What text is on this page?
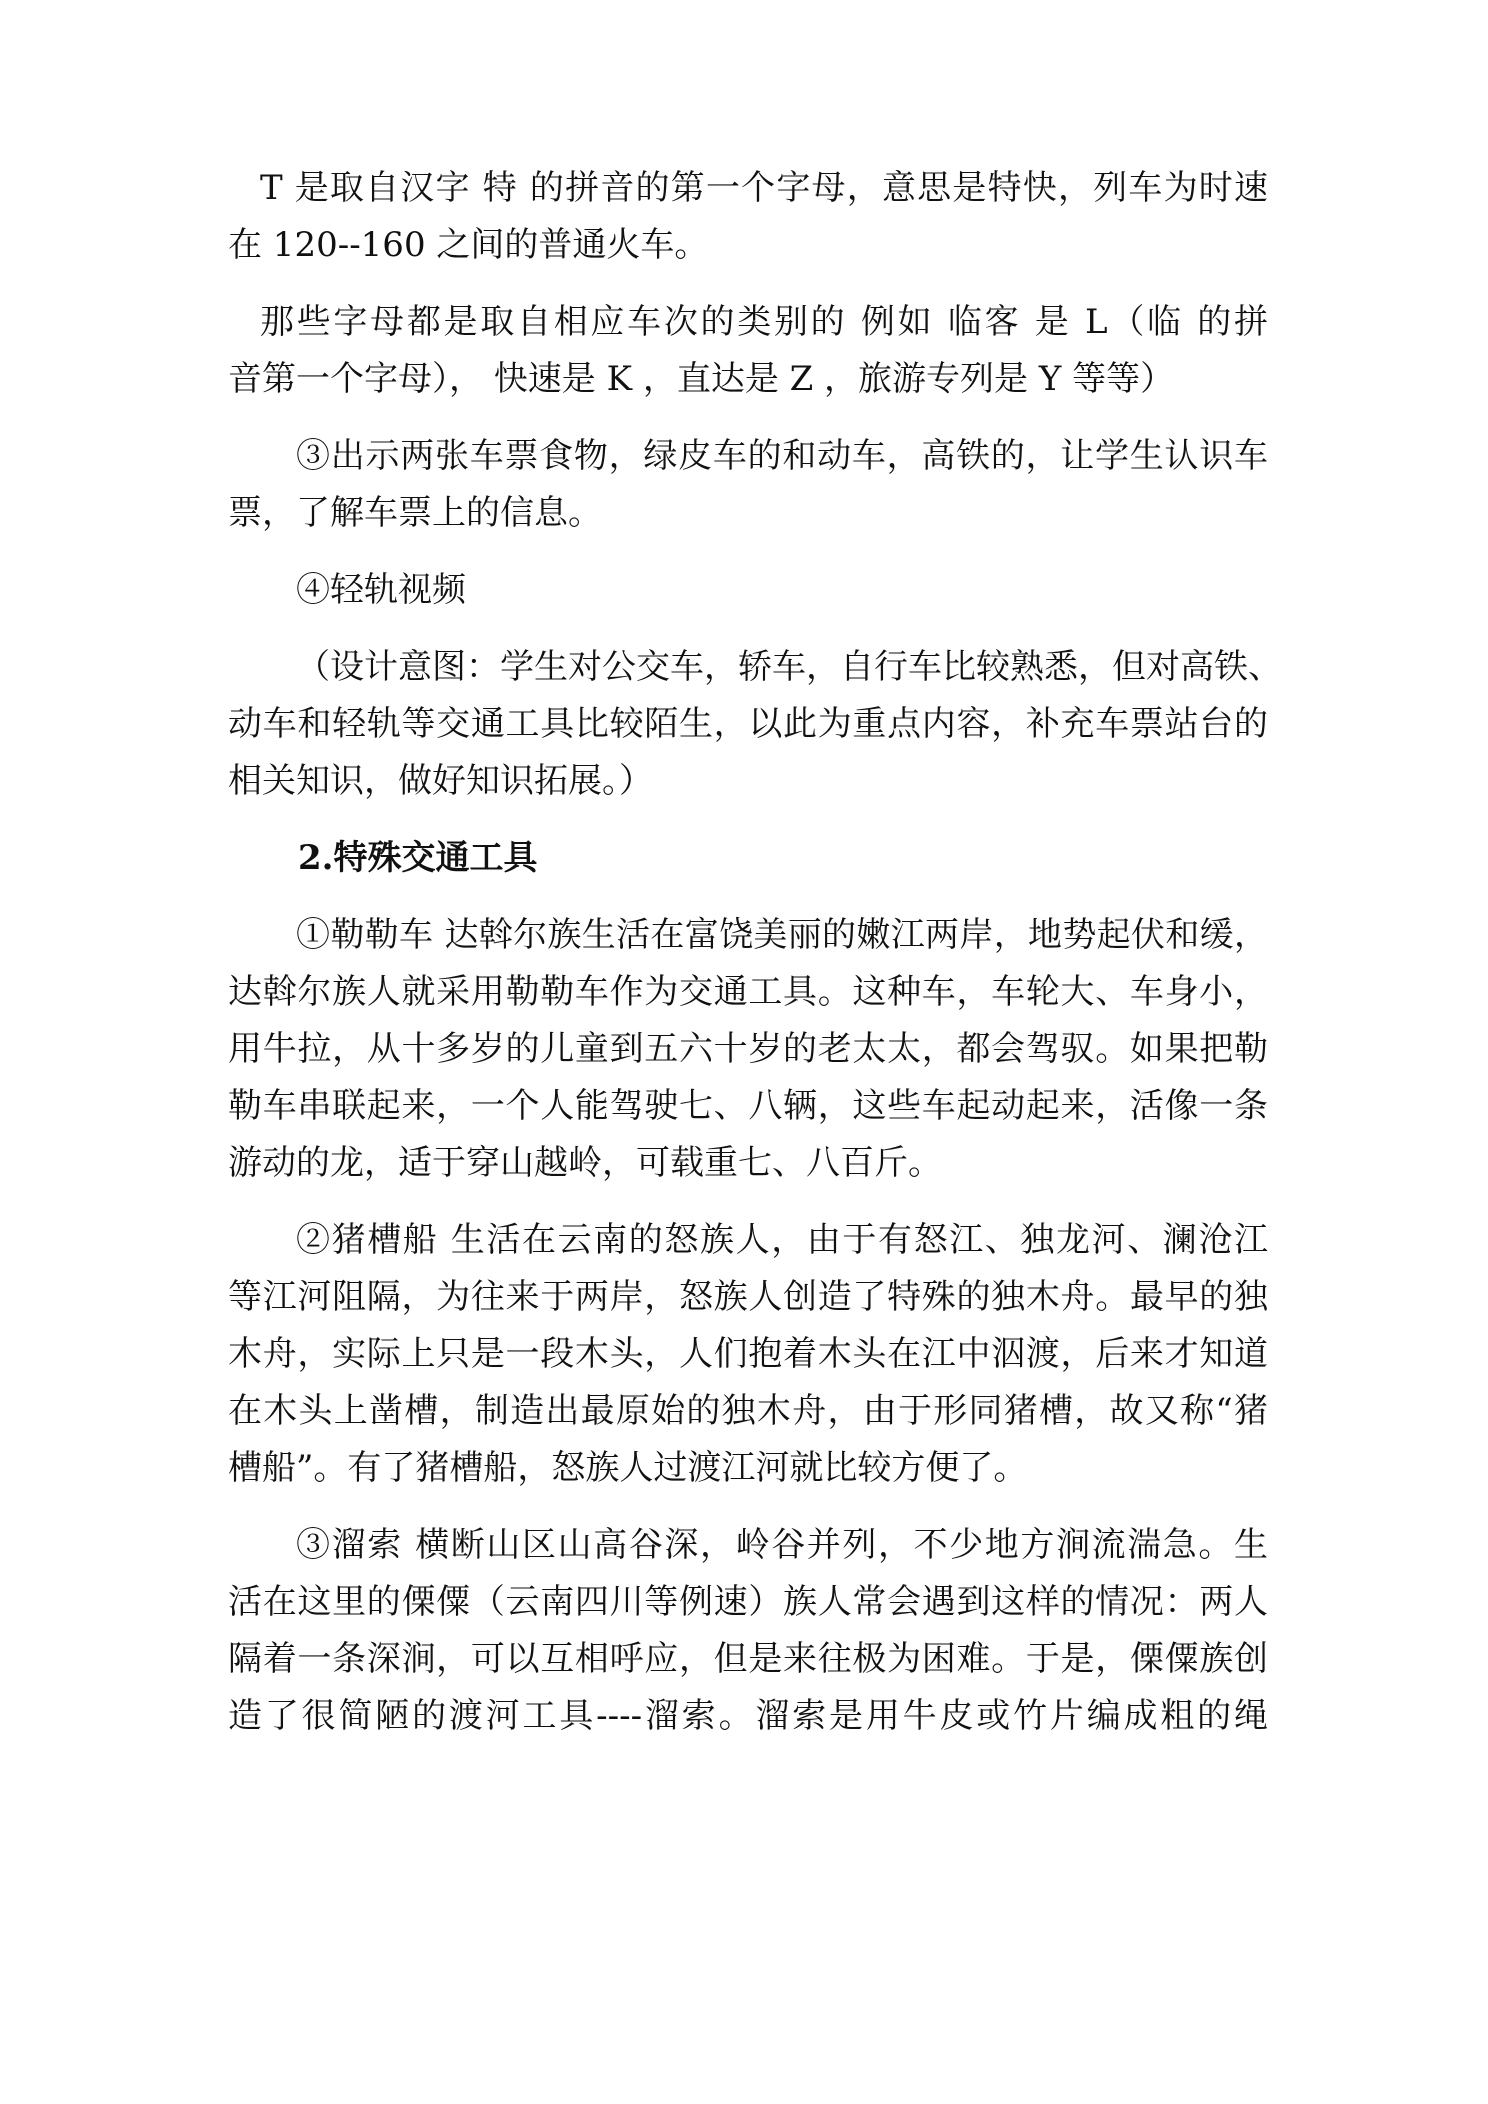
T 是取自汉字 特 的拼音的第一个字母，意思是特快，列车为时速
在 120--160 之间的普通火车。
那些字母都是取自相应车次的类别的 例如 临客 是 L（临 的拼
音第一个字母）， 快速是 K ，直达是 Z ，旅游专列是 Y 等等）
③出示两张车票食物，绿皮车的和动车，高铁的，让学生认识车
票，了解车票上的信息。
④轻轨视频
（设计意图：学生对公交车，轿车，自行车比较熟悉，但对高铁、
动车和轻轨等交通工具比较陌生，以此为重点内容，补充车票站台的
相关知识，做好知识拓展。）
2.特殊交通工具
①勒勒车 达斡尔族生活在富饶美丽的嫩江两岸，地势起伏和缓，
达斡尔族人就采用勒勒车作为交通工具。这种车，车轮大、车身小，
用牛拉，从十多岁的儿童到五六十岁的老太太，都会驾驭。如果把勒
勒车串联起来，一个人能驾驶七、八辆，这些车起动起来，活像一条
游动的龙，适于穿山越岭，可载重七、八百斤。
②猪槽船 生活在云南的怒族人，由于有怒江、独龙河、澜沧江
等江河阻隔，为往来于两岸，怒族人创造了特殊的独木舟。最早的独
木舟，实际上只是一段木头，人们抱着木头在江中泅渡，后来才知道
在木头上凿槽，制造出最原始的独木舟，由于形同猪槽，故又称“猪
槽船”。有了猪槽船，怒族人过渡江河就比较方便了。
③溜索 横断山区山高谷深，岭谷并列，不少地方涧流湍急。生
活在这里的傈僳（云南四川等例速）族人常会遇到这样的情况：两人
隔着一条深涧，可以互相呼应，但是来往极为困难。于是，傈僳族创
造了很简陋的渡河工具----溜索。溜索是用牛皮或竹片编成粗的绳
